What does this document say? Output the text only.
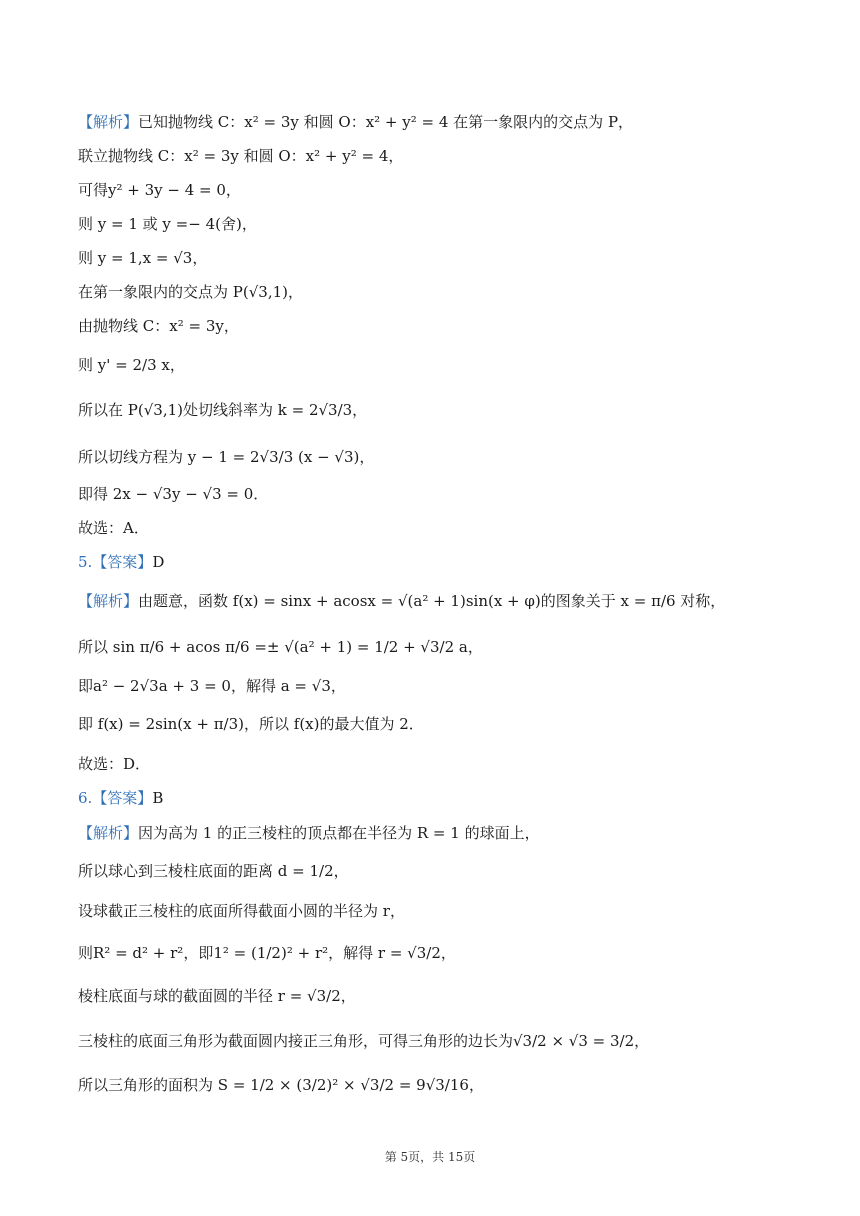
【解析】已知抛物线 C：x² = 3y 和圆 O：x² + y² = 4 在第一象限内的交点为 P，
联立抛物线 C：x² = 3y 和圆 O：x² + y² = 4，
可得y² + 3y − 4 = 0，
则 y = 1 或 y =− 4(舍)，
则 y = 1,x = √3，
在第一象限内的交点为 P(√3,1)，
由抛物线 C：x² = 3y，
则 y' = 2/3 x，
所以在 P(√3,1)处切线斜率为 k = 2√3/3，
所以切线方程为 y − 1 = 2√3/3 (x − √3)，
即得 2x − √3y − √3 = 0．
故选：A．
5.【答案】D
【解析】由题意，函数 f(x) = sinx + acosx = √(a² + 1)sin(x + φ)的图象关于 x = π/6 对称，
所以 sin π/6 + acos π/6 =± √(a² + 1) = 1/2 + √3/2 a，
即a² − 2√3a + 3 = 0，解得 a = √3，
即 f(x) = 2sin(x + π/3)，所以 f(x)的最大值为 2．
故选：D．
6.【答案】B
【解析】因为高为 1 的正三棱柱的顶点都在半径为 R = 1 的球面上，
所以球心到三棱柱底面的距离 d = 1/2，
设球截正三棱柱的底面所得截面小圆的半径为 r，
则R² = d² + r²，即1² = (1/2)² + r²，解得 r = √3/2，
棱柱底面与球的截面圆的半径 r = √3/2，
三棱柱的底面三角形为截面圆内接正三角形，可得三角形的边长为√3/2 × √3 = 3/2，
所以三角形的面积为 S = 1/2 × (3/2)² × √3/2 = 9√3/16，
第 5页，共 15页
